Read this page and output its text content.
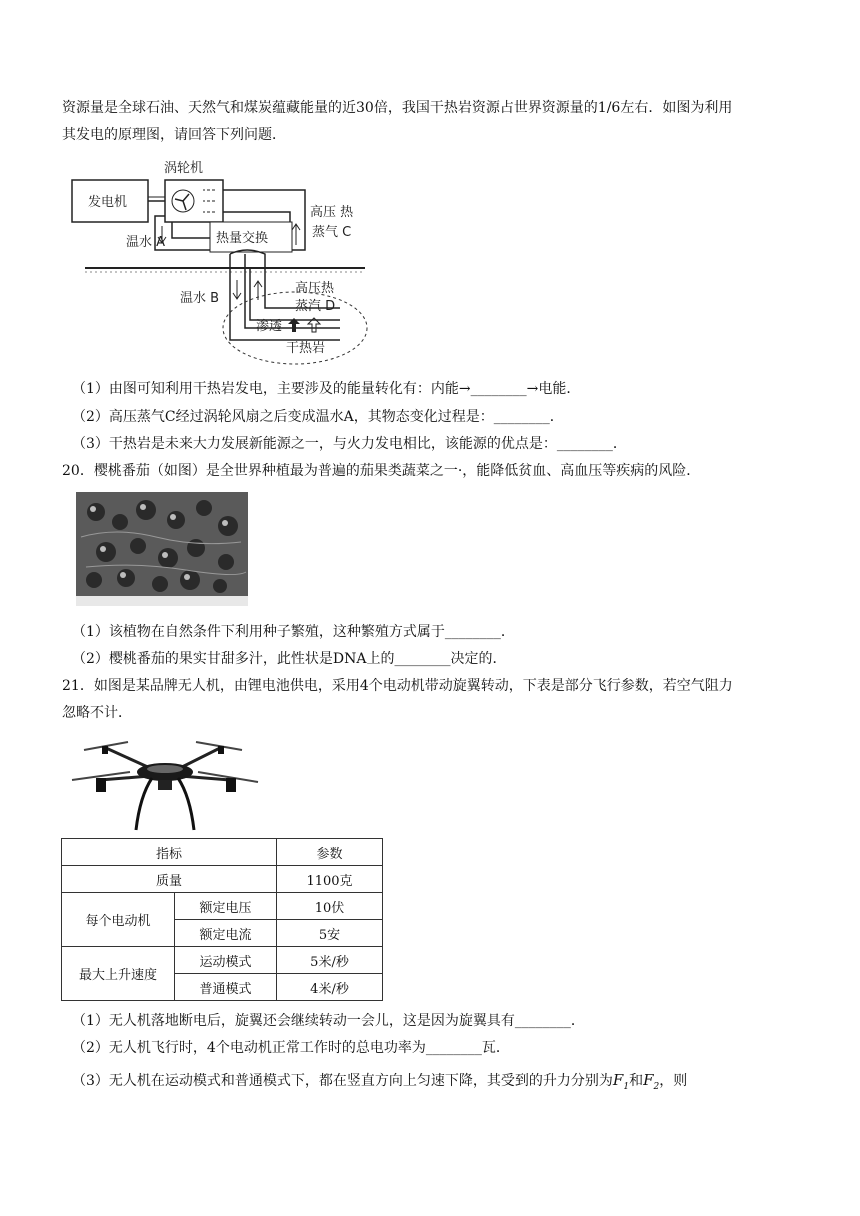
资源量是全球石油、天然气和煤炭蕴藏能量的近30倍，我国干热岩资源占世界资源量的1/6左右．如图为利用
其发电的原理图，请回答下列问题．
发电机
涡轮机
热量交换
温水 A
高压 热
蒸气 C
温水 B
高压热
蒸汽 D
渗透
干热岩
（1）由图可知利用干热岩发电，主要涉及的能量转化有：内能→________→电能．
（2）高压蒸气C经过涡轮风扇之后变成温水A，其物态变化过程是：________．
（3）干热岩是未来大力发展新能源之一，与火力发电相比，该能源的优点是：________．
20．樱桃番茄（如图）是全世界种植最为普遍的茄果类蔬菜之一·，能降低贫血、高血压等疾病的风险．
（1）该植物在自然条件下利用种子繁殖，这种繁殖方式属于________．
（2）樱桃番茄的果实甘甜多汁，此性状是DNA上的________决定的．
21．如图是某品牌无人机，由锂电池供电，采用4个电动机带动旋翼转动，下表是部分飞行参数，若空气阻力
忽略不计．
指标		参数
质量		1100克
每个电动机	额定电压	10伏
	额定电流	5安
最大上升速度	运动模式	5米/秒
	普通模式	4米/秒
（1）无人机落地断电后，旋翼还会继续转动一会儿，这是因为旋翼具有________．
（2）无人机飞行时，4个电动机正常工作时的总电功率为________瓦．
（3）无人机在运动模式和普通模式下，都在竖直方向上匀速下降，其受到的升力分别为$F_1$和$F_2$，则
